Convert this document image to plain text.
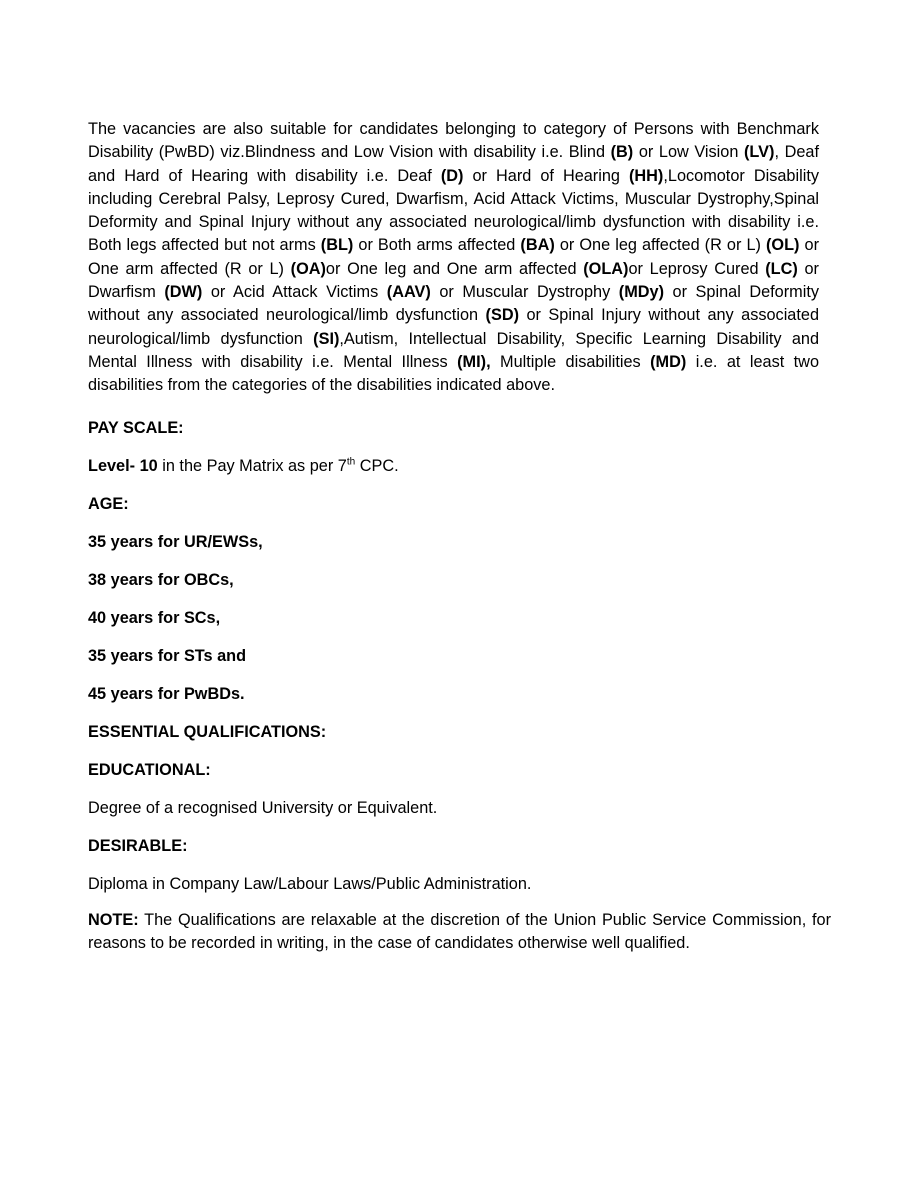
The vacancies are also suitable for candidates belonging to category of Persons with Benchmark Disability (PwBD) viz.Blindness and Low Vision with disability i.e. Blind (B) or Low Vision (LV), Deaf and Hard of Hearing with disability i.e. Deaf (D) or Hard of Hearing (HH),Locomotor Disability including Cerebral Palsy, Leprosy Cured, Dwarfism, Acid Attack Victims, Muscular Dystrophy,Spinal Deformity and Spinal Injury without any associated neurological/limb dysfunction with disability i.e. Both legs affected but not arms (BL) or Both arms affected (BA) or One leg affected (R or L) (OL) or One arm affected (R or L) (OA)or One leg and One arm affected (OLA)or Leprosy Cured (LC) or Dwarfism (DW) or Acid Attack Victims (AAV) or Muscular Dystrophy (MDy) or Spinal Deformity without any associated neurological/limb dysfunction (SD) or Spinal Injury without any associated neurological/limb dysfunction (SI),Autism, Intellectual Disability, Specific Learning Disability and Mental Illness with disability i.e. Mental Illness (MI), Multiple disabilities (MD) i.e. at least two disabilities from the categories of the disabilities indicated above.

PAY SCALE:

Level- 10 in the Pay Matrix as per 7th CPC.

AGE:

35 years for UR/EWSs,

38 years for OBCs,

40 years for SCs,

35 years for STs and

45 years for PwBDs.

ESSENTIAL QUALIFICATIONS:

EDUCATIONAL:

Degree of a recognised University or Equivalent.

DESIRABLE:

Diploma in Company Law/Labour Laws/Public Administration.

NOTE: The Qualifications are relaxable at the discretion of the Union Public Service Commission, for reasons to be recorded in writing, in the case of candidates otherwise well qualified.
